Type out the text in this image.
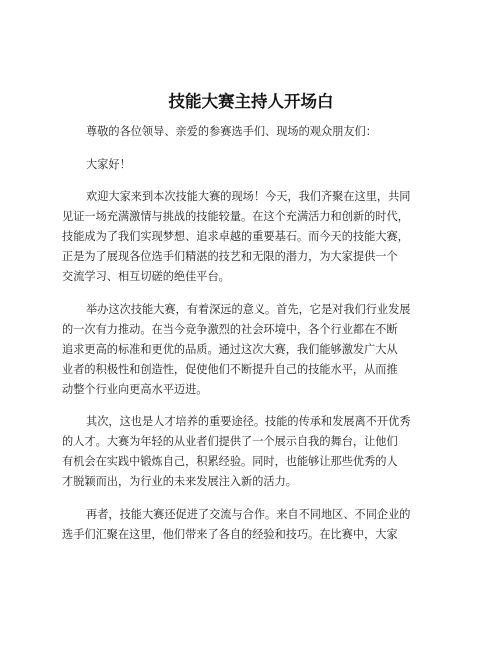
技能大赛主持人开场白

尊敬的各位领导、亲爱的参赛选手们、现场的观众朋友们：

大家好！

欢迎大家来到本次技能大赛的现场！今天，我们齐聚在这里，共同
见证一场充满激情与挑战的技能较量。在这个充满活力和创新的时代，
技能成为了我们实现梦想、追求卓越的重要基石。而今天的技能大赛，
正是为了展现各位选手们精湛的技艺和无限的潜力，为大家提供一个
交流学习、相互切磋的绝佳平台。

举办这次技能大赛，有着深远的意义。首先，它是对我们行业发展
的一次有力推动。在当今竞争激烈的社会环境中，各个行业都在不断
追求更高的标准和更优的品质。通过这次大赛，我们能够激发广大从
业者的积极性和创造性，促使他们不断提升自己的技能水平，从而推
动整个行业向更高水平迈进。

其次，这也是人才培养的重要途径。技能的传承和发展离不开优秀
的人才。大赛为年轻的从业者们提供了一个展示自我的舞台，让他们
有机会在实践中锻炼自己，积累经验。同时，也能够让那些优秀的人
才脱颖而出，为行业的未来发展注入新的活力。

再者，技能大赛还促进了交流与合作。来自不同地区、不同企业的
选手们汇聚在这里，他们带来了各自的经验和技巧。在比赛中，大家
